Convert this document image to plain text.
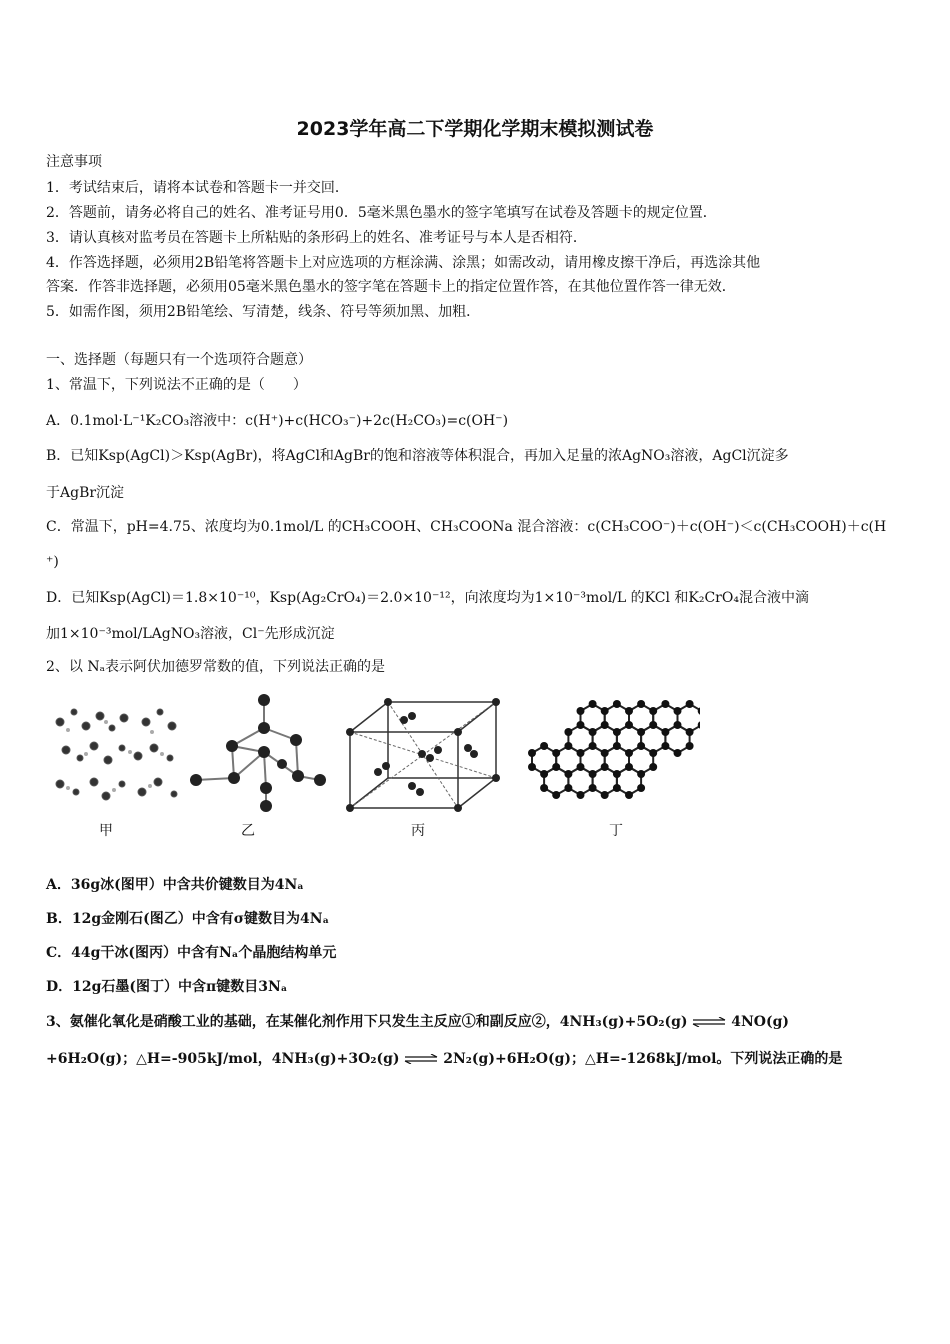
2023学年高二下学期化学期末模拟测试卷
注意事项
1．考试结束后，请将本试卷和答题卡一并交回．
2．答题前，请务必将自己的姓名、准考证号用0．5毫米黑色墨水的签字笔填写在试卷及答题卡的规定位置．
3．请认真核对监考员在答题卡上所粘贴的条形码上的姓名、准考证号与本人是否相符．
4．作答选择题，必须用2B铅笔将答题卡上对应选项的方框涂满、涂黑；如需改动，请用橡皮擦干净后，再选涂其他
答案．作答非选择题，必须用05毫米黑色墨水的签字笔在答题卡上的指定位置作答，在其他位置作答一律无效．
5．如需作图，须用2B铅笔绘、写清楚，线条、符号等须加黑、加粗．
一、选择题（每题只有一个选项符合题意）
1、常温下，下列说法不正确的是（　　）
A．0.1mol·L⁻¹K₂CO₃溶液中：c(H⁺)+c(HCO₃⁻)+2c(H₂CO₃)=c(OH⁻)
B．已知Ksp(AgCl)＞Ksp(AgBr)，将AgCl和AgBr的饱和溶液等体积混合，再加入足量的浓AgNO₃溶液，AgCl沉淀多
于AgBr沉淀
C．常温下，pH=4.75、浓度均为0.1mol/L 的CH₃COOH、CH₃COONa 混合溶液：c(CH₃COO⁻)＋c(OH⁻)＜c(CH₃COOH)＋c(H
⁺)
D．已知Ksp(AgCl)＝1.8×10⁻¹⁰，Ksp(Ag₂CrO₄)＝2.0×10⁻¹²，向浓度均为1×10⁻³mol/L 的KCl 和K₂CrO₄混合液中滴
加1×10⁻³mol/LAgNO₃溶液，Cl⁻先形成沉淀
2、以 Nₐ表示阿伏加德罗常数的值，下列说法正确的是
甲	乙	丙	丁
A．36g冰(图甲）中含共价键数目为4Nₐ
B．12g金刚石(图乙）中含有σ键数目为4Nₐ
C．44g干冰(图丙）中含有Nₐ个晶胞结构单元
D．12g石墨(图丁）中含π键数目3Nₐ
3、氨催化氧化是硝酸工业的基础，在某催化剂作用下只发生主反应①和副反应②，4NH₃(g)+5O₂(g) ⇌ 4NO(g)
+6H₂O(g)；△H=-905kJ/mol，4NH₃(g)+3O₂(g) ⇌ 2N₂(g)+6H₂O(g)；△H=-1268kJ/mol。下列说法正确的是
